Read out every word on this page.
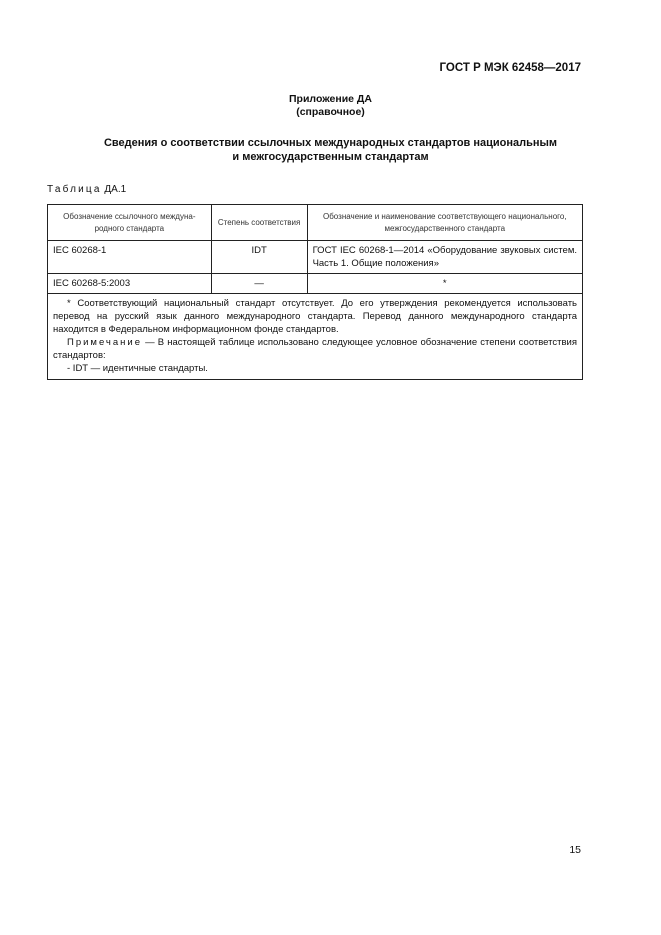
ГОСТ Р МЭК 62458—2017
Приложение ДА
(справочное)
Сведения о соответствии ссылочных международных стандартов национальным
и межгосударственным стандартам
Таблица ДА.1
Обозначение ссылочного международного стандарта	Степень соответствия	Обозначение и наименование соответствующего национального, межгосударственного стандарта
IEC 60268-1	IDT	ГОСТ IEC 60268-1—2014 «Оборудование звуковых систем. Часть 1. Общие положения»
IEC 60268-5:2003	—	*

* Соответствующий национальный стандарт отсутствует. До его утверждения рекомендуется использовать перевод на русский язык данного международного стандарта. Перевод данного международного стандарта находится в Федеральном информационном фонде стандартов.

Примечание — В настоящей таблице использовано следующее условное обозначение степени соответствия стандартов:

- IDT — идентичные стандарты.		

15
